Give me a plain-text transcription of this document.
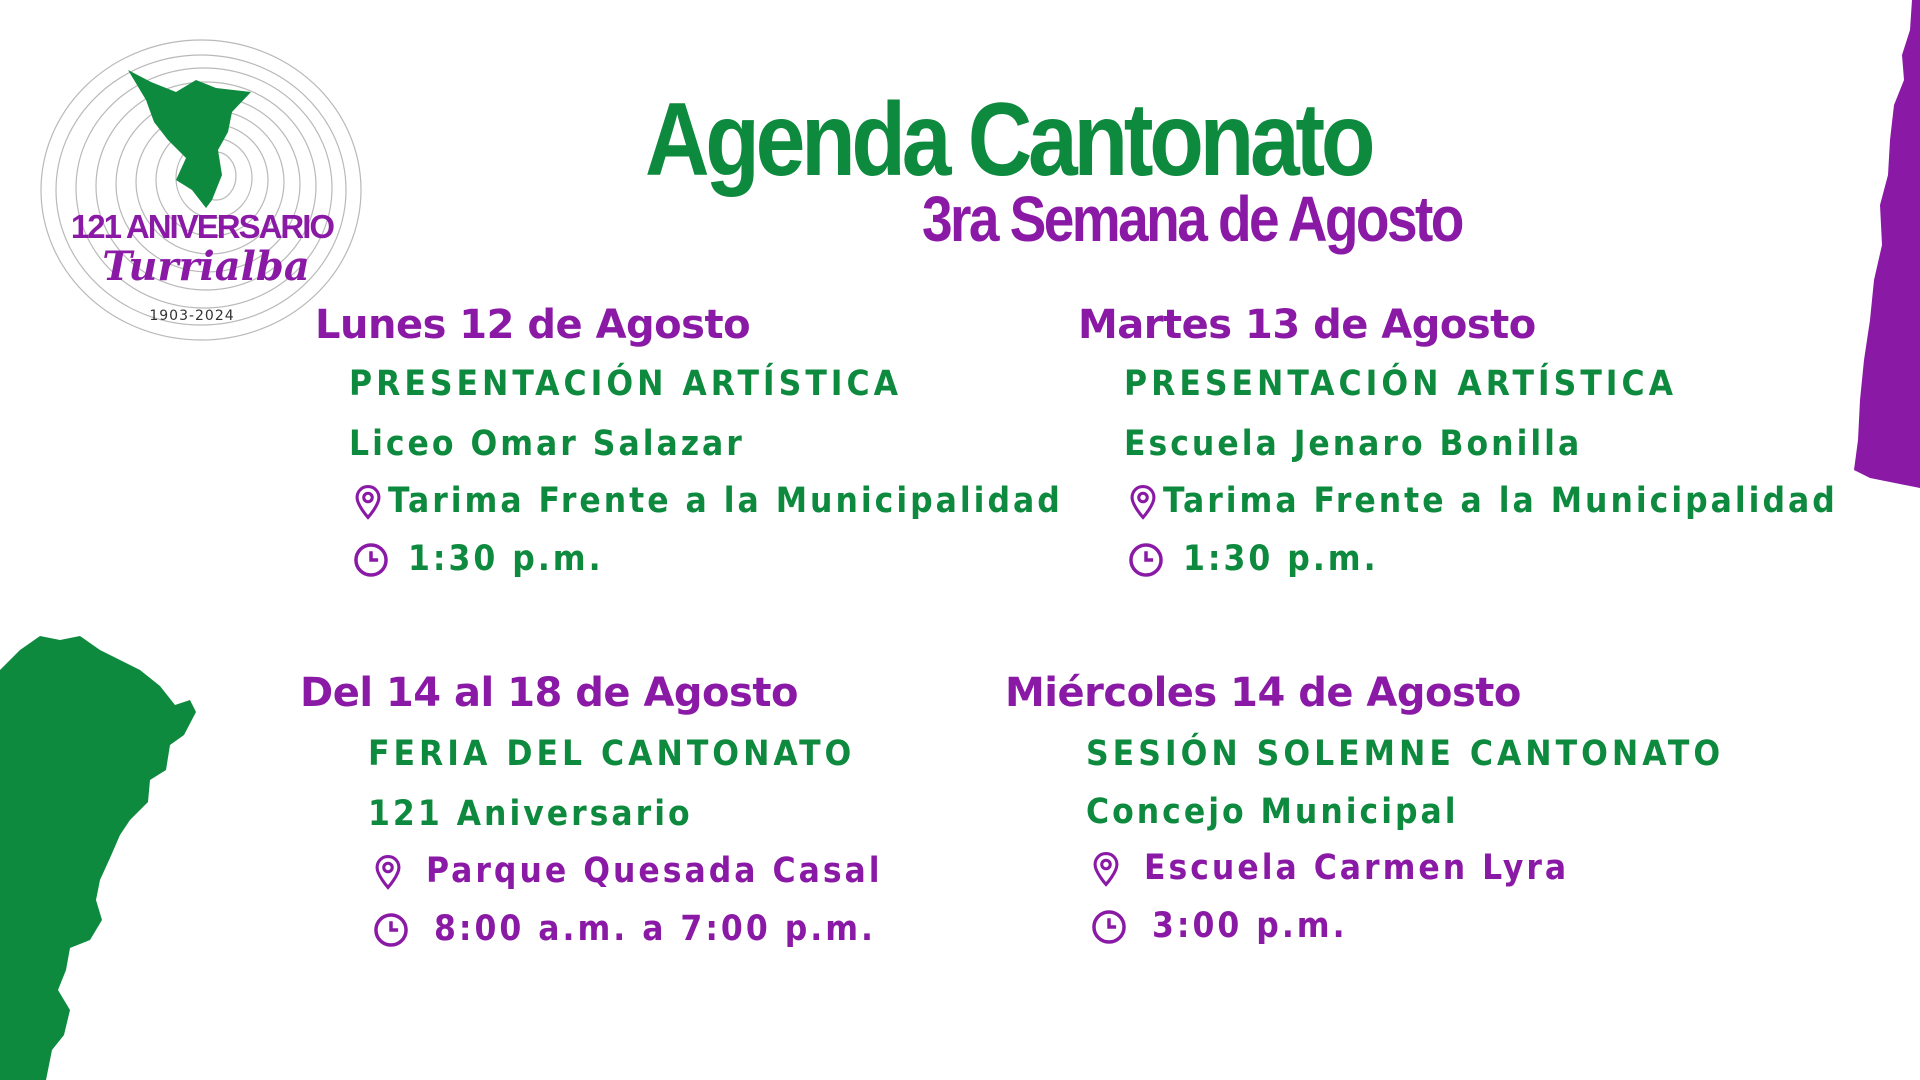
121 ANIVERSARIO
Turrialba
1903-2024
Agenda Cantonato
3ra Semana de Agosto
Lunes 12 de Agosto
PRESENTACIÓN ARTÍSTICA
Liceo Omar Salazar
Tarima Frente a la Municipalidad
1:30 p.m.
Martes 13 de Agosto
PRESENTACIÓN ARTÍSTICA
Escuela Jenaro Bonilla
Tarima Frente a la Municipalidad
1:30 p.m.
Del 14 al 18 de Agosto
FERIA DEL CANTONATO
121 Aniversario
Parque Quesada Casal
8:00 a.m. a 7:00 p.m.
Miércoles 14 de Agosto
SESIÓN SOLEMNE CANTONATO
Concejo Municipal
Escuela Carmen Lyra
3:00 p.m.
